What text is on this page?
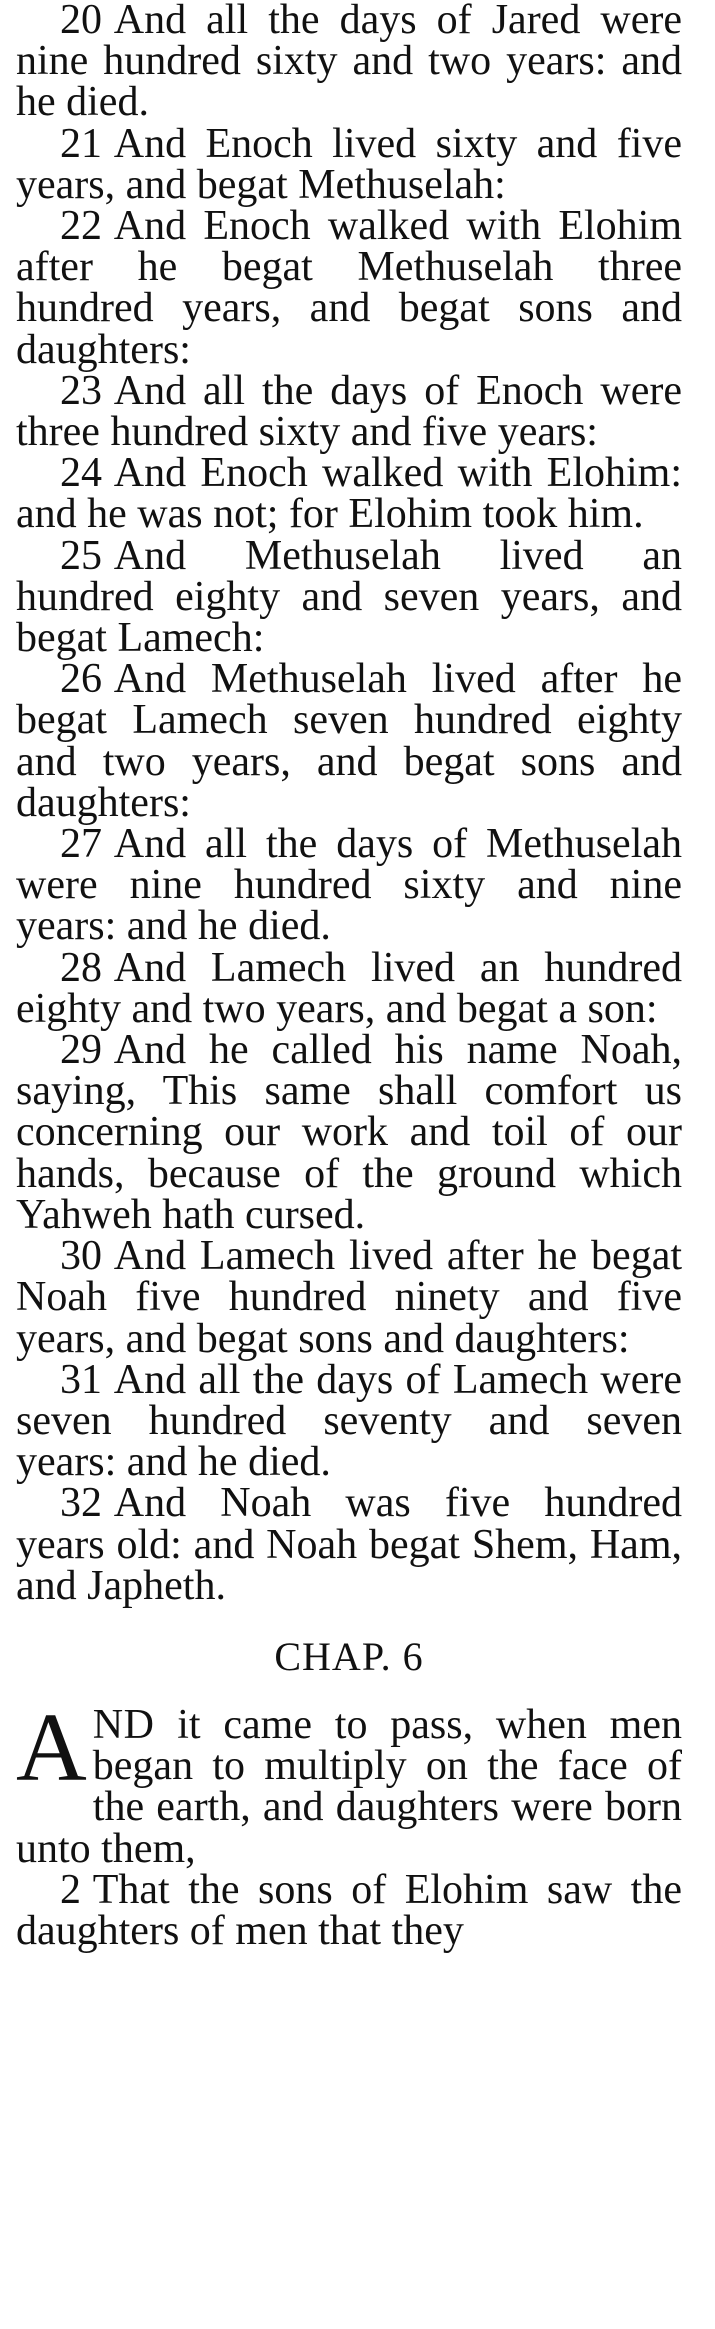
20 And all the days of Jared were nine hundred sixty and two years: and he died.

21 And Enoch lived sixty and five years, and begat Methuselah:

22 And Enoch walked with Elohim after he begat Methuselah three hundred years, and begat sons and daughters:

23 And all the days of Enoch were three hundred sixty and five years:

24 And Enoch walked with Elohim: and he was not; for Elohim took him.

25 And Methuselah lived an hundred eighty and seven years, and begat Lamech:

26 And Methuselah lived after he begat Lamech seven hundred eighty and two years, and begat sons and daughters:

27 And all the days of Methuselah were nine hundred sixty and nine years: and he died.

28 And Lamech lived an hundred eighty and two years, and begat a son:

29 And he called his name Noah, saying, This same shall comfort us concerning our work and toil of our hands, because of the ground which Yahweh hath cursed.

30 And Lamech lived after he begat Noah five hundred ninety and five years, and begat sons and daughters:

31 And all the days of Lamech were seven hundred seventy and seven years: and he died.

32 And Noah was five hundred years old: and Noah begat Shem, Ham, and Japheth.

CHAP. 6

AND it came to pass, when men began to multiply on the face of the earth, and daughters were born unto them,

2 That the sons of Elohim saw the daughters of men that they
